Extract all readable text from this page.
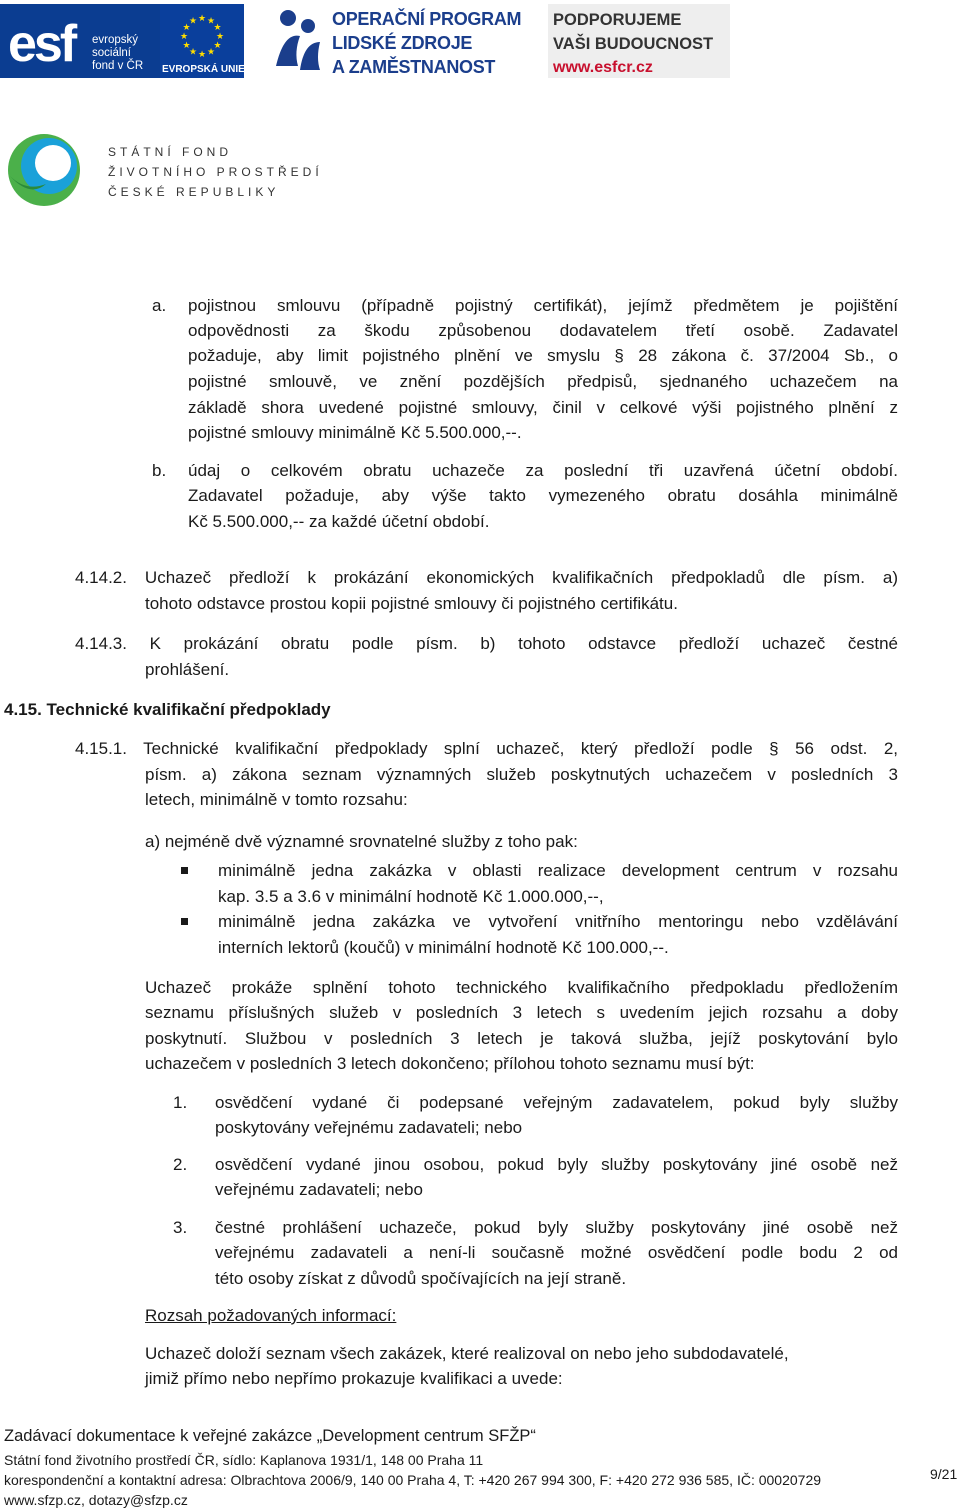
esf evropský
sociální
fond v ČR
★ ★
★
★
★
★
★
★
★
★
★
★
EVROPSKÁ UNIE
OPERAČNÍ PROGRAM
LIDSKÉ ZDROJE
A ZAMĚSTNANOST
PODPORUJEME
VAŠI BUDOUCNOST
www.esfcr.cz
STÁTNÍ FOND
ŽIVOTNÍHO PROSTŘEDÍ
ČESKÉ REPUBLIKY
a. pojistnou smlouvu (případně pojistný certifikát), jejímž předmětem je pojištění
odpovědnosti za škodu způsobenou dodavatelem třetí osobě. Zadavatel
požaduje, aby limit pojistného plnění ve smyslu § 28 zákona č. 37/2004 Sb., o
pojistné smlouvě, ve znění pozdějších předpisů, sjednaného uchazečem na
základě shora uvedené pojistné smlouvy, činil v celkové výši pojistného plnění z
pojistné smlouvy minimálně Kč 5.500.000,--.
b. údaj o celkovém obratu uchazeče za poslední tři uzavřená účetní období.
Zadavatel požaduje, aby výše takto vymezeného obratu dosáhla minimálně
Kč 5.500.000,-- za každé účetní období.
4.14.2. Uchazeč předloží k prokázání ekonomických kvalifikačních předpokladů dle písm. a)
tohoto odstavce prostou kopii pojistné smlouvy či pojistného certifikátu.
4.14.3. K prokázání obratu podle písm. b) tohoto odstavce předloží uchazeč čestné
prohlášení.
4.15. Technické kvalifikační předpoklady
4.15.1. Technické kvalifikační předpoklady splní uchazeč, který předloží podle § 56 odst. 2,
písm. a) zákona seznam významných služeb poskytnutých uchazečem v posledních 3
letech, minimálně v tomto rozsahu:
a) nejméně dvě významné srovnatelné služby z toho pak:
minimálně jedna zakázka v oblasti realizace development centrum v rozsahu
kap. 3.5 a 3.6 v minimální hodnotě Kč 1.000.000,--,
minimálně jedna zakázka ve vytvoření vnitřního mentoringu nebo vzdělávání
interních lektorů (koučů) v minimální hodnotě Kč 100.000,--.
Uchazeč prokáže splnění tohoto technického kvalifikačního předpokladu předložením
seznamu příslušných služeb v posledních 3 letech s uvedením jejich rozsahu a doby
poskytnutí. Službou v posledních 3 letech je taková služba, jejíž poskytování bylo
uchazečem v posledních 3 letech dokončeno; přílohou tohoto seznamu musí být:
1. osvědčení vydané či podepsané veřejným zadavatelem, pokud byly služby
poskytovány veřejnému zadavateli; nebo
2. osvědčení vydané jinou osobou, pokud byly služby poskytovány jiné osobě než
veřejnému zadavateli; nebo
3. čestné prohlášení uchazeče, pokud byly služby poskytovány jiné osobě než
veřejnému zadavateli a není-li současně možné osvědčení podle bodu 2 od
této osoby získat z důvodů spočívajících na její straně.
Rozsah požadovaných informací:
Uchazeč doloží seznam všech zakázek, které realizoval on nebo jeho subdodavatelé,
jimiž přímo nebo nepřímo prokazuje kvalifikaci a uvede:
Zadávací dokumentace k veřejné zakázce „Development centrum SFŽP“
Státní fond životního prostředí ČR, sídlo: Kaplanova 1931/1, 148 00 Praha 11
korespondenční a kontaktní adresa: Olbrachtova 2006/9, 140 00 Praha 4, T: +420 267 994 300, F: +420 272 936 585, IČ: 00020729
www.sfzp.cz, dotazy@sfzp.cz
9/21
